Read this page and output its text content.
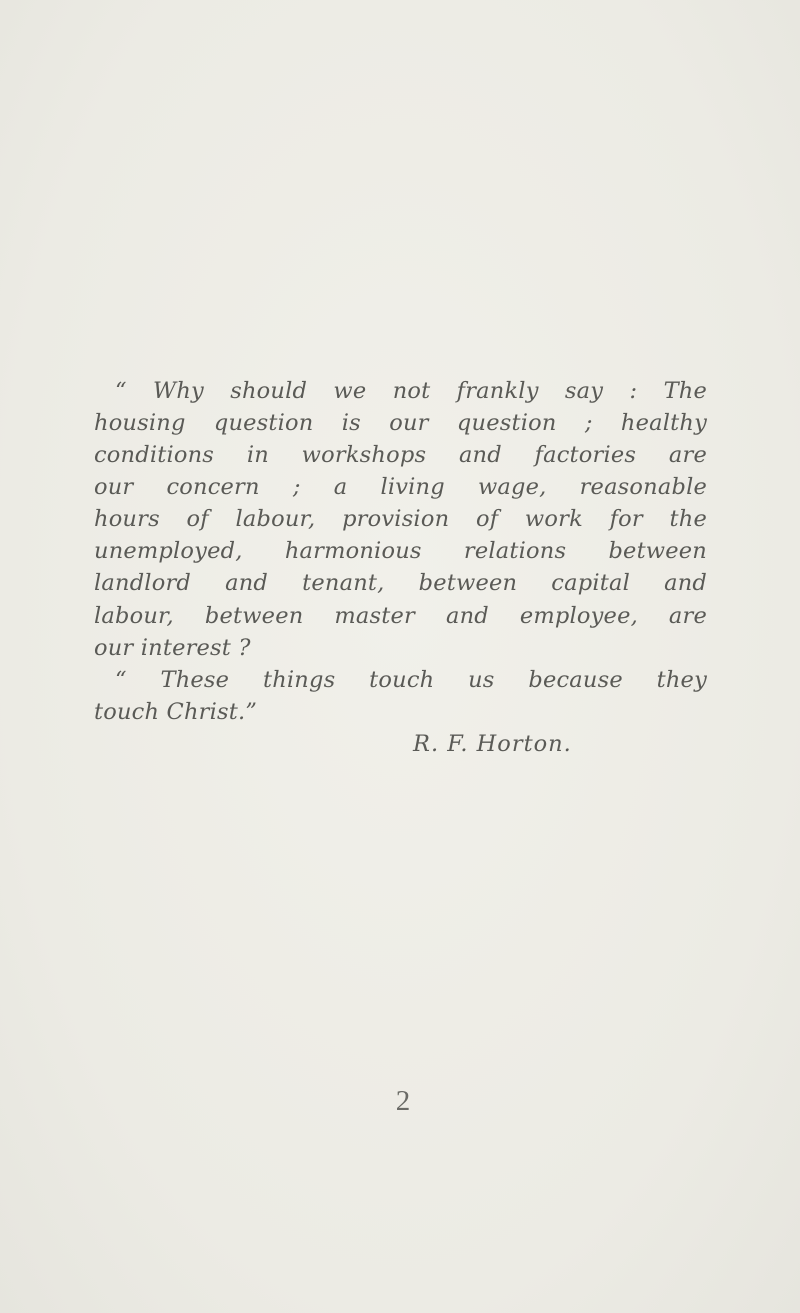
“ Why should we not frankly say : The
housing question is our question ; healthy
conditions in workshops and factories are
our concern ; a living wage, reasonable
hours of labour, provision of work for the
unemployed, harmonious relations between
landlord and tenant, between capital and
labour, between master and employee, are
our interest ?
“ These things touch us because they
touch Christ.”
R. F. Horton.
2
